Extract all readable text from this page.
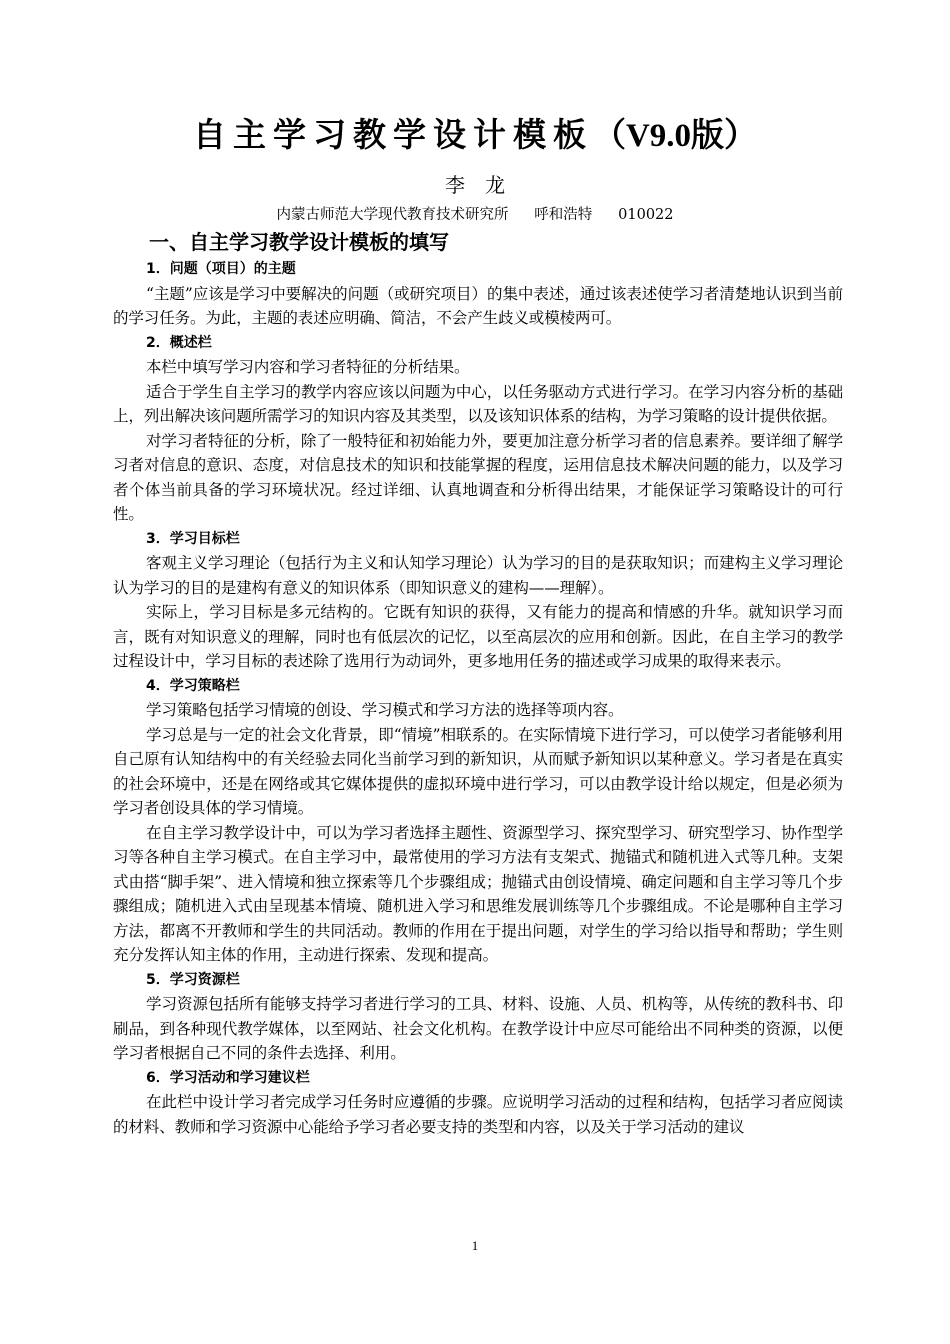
自主学习教学设计模板（V9.0版）
李龙
内蒙古师范大学现代教育技术研究所   呼和浩特   010022
一、自主学习教学设计模板的填写
1．问题（项目）的主题

“主题”应该是学习中要解决的问题（或研究项目）的集中表述，通过该表述使学习者清楚地认识到当前的学习任务。为此，主题的表述应明确、简洁，不会产生歧义或模棱两可。

2．概述栏

本栏中填写学习内容和学习者特征的分析结果。

适合于学生自主学习的教学内容应该以问题为中心，以任务驱动方式进行学习。在学习内容分析的基础上，列出解决该问题所需学习的知识内容及其类型，以及该知识体系的结构，为学习策略的设计提供依据。

对学习者特征的分析，除了一般特征和初始能力外，要更加注意分析学习者的信息素养。要详细了解学习者对信息的意识、态度，对信息技术的知识和技能掌握的程度，运用信息技术解决问题的能力，以及学习者个体当前具备的学习环境状况。经过详细、认真地调查和分析得出结果，才能保证学习策略设计的可行性。

3．学习目标栏

客观主义学习理论（包括行为主义和认知学习理论）认为学习的目的是获取知识；而建构主义学习理论认为学习的目的是建构有意义的知识体系（即知识意义的建构——理解）。

实际上，学习目标是多元结构的。它既有知识的获得，又有能力的提高和情感的升华。就知识学习而言，既有对知识意义的理解，同时也有低层次的记忆，以至高层次的应用和创新。因此，在自主学习的教学过程设计中，学习目标的表述除了选用行为动词外，更多地用任务的描述或学习成果的取得来表示。

4．学习策略栏

学习策略包括学习情境的创设、学习模式和学习方法的选择等项内容。

学习总是与一定的社会文化背景，即“情境”相联系的。在实际情境下进行学习，可以使学习者能够利用自己原有认知结构中的有关经验去同化当前学习到的新知识，从而赋予新知识以某种意义。学习者是在真实的社会环境中，还是在网络或其它媒体提供的虚拟环境中进行学习，可以由教学设计给以规定，但是必须为学习者创设具体的学习情境。

在自主学习教学设计中，可以为学习者选择主题性、资源型学习、探究型学习、研究型学习、协作型学习等各种自主学习模式。在自主学习中，最常使用的学习方法有支架式、抛锚式和随机进入式等几种。支架式由搭“脚手架”、进入情境和独立探索等几个步骤组成；抛锚式由创设情境、确定问题和自主学习等几个步骤组成；随机进入式由呈现基本情境、随机进入学习和思维发展训练等几个步骤组成。不论是哪种自主学习方法，都离不开教师和学生的共同活动。教师的作用在于提出问题，对学生的学习给以指导和帮助；学生则充分发挥认知主体的作用，主动进行探索、发现和提高。

5．学习资源栏

学习资源包括所有能够支持学习者进行学习的工具、材料、设施、人员、机构等，从传统的教科书、印刷品，到各种现代教学媒体，以至网站、社会文化机构。在教学设计中应尽可能给出不同种类的资源，以便学习者根据自己不同的条件去选择、利用。

6．学习活动和学习建议栏

在此栏中设计学习者完成学习任务时应遵循的步骤。应说明学习活动的过程和结构，包括学习者应阅读的材料、教师和学习资源中心能给予学习者必要支持的类型和内容，以及关于学习活动的建议

1
